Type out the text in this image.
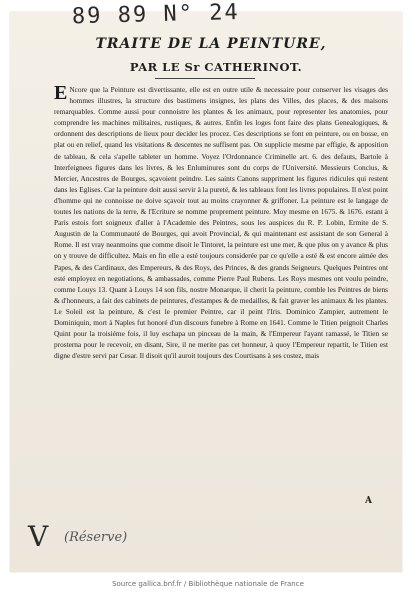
89 89 N° 24
TRAITE DE LA PEINTURE,
PAR LE Sr CATHERINOT.

ENcore que la Peinture est divertissante, elle est en outre utile & necessaire pour conserver les visages des hommes illustres, la structure des bastimens insignes, les plans des Villes, des places, & des maisons remarquables. Comme aussi pour connoistre les plantes & les animaux, pour representer les anatomies, pour comprendre les machines militaires, rustiques, & autres. Enfin les loges font faire des plans Genealogiques, & ordonnent des descriptions de lieux pour decider les procez. Ces descriptions se font en peinture, ou en bosse, en plat ou en relief, quand les visitations & descentes ne suffisent pas. On supplicie mesme par effigie, & apposition de tableau, & cela s'apelle tableter un homme. Voyez l'Ordonnance Criminelle art. 6. des defauts, Bartole à Interfeignees figures dans les livres, & les Enluminures sont du corps de l'Université. Messieurs Concius, & Mercier, Ancestres de Bourges, sçavoient peindre. Les saints Canons suppriment les figures ridicules qui restent dans les Eglises. Car la peinture doit aussi servir à la pureté, & les tableaux font les livres populaires. Il n'est point d'homme qui ne connoisse ne doive sçavoir tout au moins crayonner & griffoner. La peinture est le langage de toutes les nations de la terre, & l'Ecriture se nomme proprement peinture. Moy mesme en 1675. & 1676. estant à Paris estois fort soigneux d'aller à l'Academie des Peintres, sous les auspices du R. P. Lobin, Ermite de S. Augustin de la Communauté de Bourges, qui avoit Provincial, & qui maintenant est assistant de son General à Rome. Il est vray neanmoins que comme disoit le Tintoret, la peinture est une mer, & que plus on y avance & plus on y trouve de difficultez. Mais en fin elle a esté toujours considerée par ce qu'elle a esté & est encore aimée des Papes, & des Cardinaux, des Empereurs, & des Roys, des Princes, & des grands Seigneurs. Quelques Peintres ont esté employez en negotiations, & ambassades, comme Pierre Paul Rubens. Les Roys mesmes ont voulu peindre, comme Louys 13. Quant à Louys 14 son fils, nostre Monarque, il cherit la peinture, comble les Peintres de biens & d'honneurs, a fait des cabinets de peintures, d'estampes & de medailles, & fait graver les animaux & les plantes. Le Soleil est la peinture, & c'est le premier Peintre, car il peint l'Iris. Dominico Zampier, autrement le Dominiquin, mort à Naples fut honoré d'un discours funebre à Rome en 1641. Comme le Titien peignoit Charles Quint pour la troisiéme fois, il luy eschapa un pinceau de la main, & l'Empereur l'ayant ramassé, le Titien se prosterna pour le recevoir, en disant, Sire, il ne merite pas cet honneur, à quoy l'Empereur repartit, le Titien est digne d'estre servi par Cesar. Il disoit qu'il auroit toujours des Courtisans à ses costez, mais

A
V (Réserve)
Source gallica.bnf.fr / Bibliothèque nationale de France
